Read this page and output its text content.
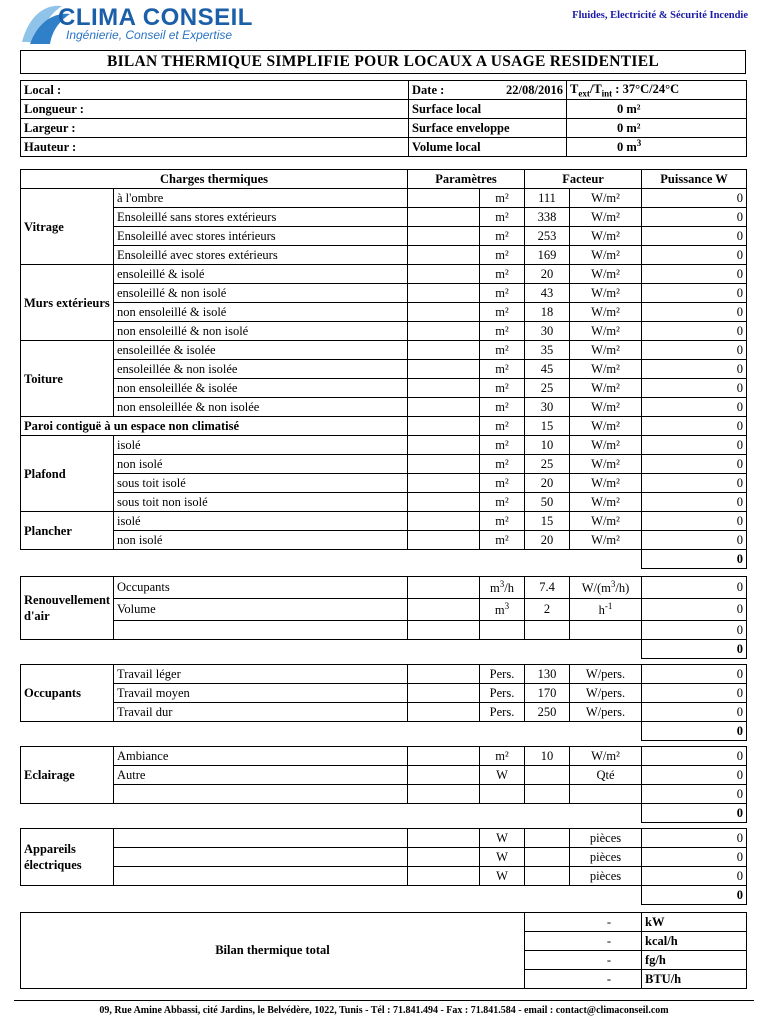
CLIMA CONSEIL
Ingénierie, Conseil et Expertise
Fluides, Electricité & Sécurité Incendie
BILAN THERMIQUE SIMPLIFIE POUR LOCAUX A USAGE RESIDENTIEL
Local :	Date : 22/08/2016	$T_{ext}/T_{int}$ : 37°C/24°C
Longueur :	Surface local	0 m²
Largeur :	Surface enveloppe	0 m²
Hauteur :	Volume local	0 $m^3$
Charges thermiques		Paramètres		Facteur		Puissance W
Vitrage	à l'ombre		m²	111	W/m²	0
	Ensoleillé sans stores extérieurs		m²	338	W/m²	0
	Ensoleillé avec stores intérieurs		m²	253	W/m²	0
	Ensoleillé avec stores extérieurs		m²	169	W/m²	0
Murs extérieurs	ensoleillé & isolé		m²	20	W/m²	0
	ensoleillé & non isolé		m²	43	W/m²	0
	non ensoleillé & isolé		m²	18	W/m²	0
	non ensoleillé & non isolé		m²	30	W/m²	0
Toiture	ensoleillée & isolée		m²	35	W/m²	0
	ensoleillée & non isolée		m²	45	W/m²	0
	non ensoleillée & isolée		m²	25	W/m²	0
	non ensoleillée & non isolée		m²	30	W/m²	0
Paroi contiguë à un espace non climatisé			m²	15	W/m²	0
Plafond	isolé		m²	10	W/m²	0
	non isolé		m²	25	W/m²	0
	sous toit isolé		m²	20	W/m²	0
	sous toit non isolé		m²	50	W/m²	0
Plancher	isolé		m²	15	W/m²	0
	non isolé		m²	20	W/m²	0
						0
Renouvellement d'air	Occupants		$m^3/h$	7.4	$W/(m^3/h)$	0
	Volume		$m^3$	2	$h^{-1}$	0
						0
						0
Occupants	Travail léger		Pers.	130	W/pers.	0
	Travail moyen		Pers.	170	W/pers.	0
	Travail dur		Pers.	250	W/pers.	0
						0
Eclairage	Ambiance		m²	10	W/m²	0
	Autre		W		Qté	0
						0
						0
Appareils électriques			W		pièces	0
			W		pièces	0
			W		pièces	0
						0
Bilan thermique total	-	kW
	-	kcal/h
	-	fg/h
	-	BTU/h
09, Rue Amine Abbassi, cité Jardins, le Belvédère, 1022, Tunis - Tél : 71.841.494 - Fax : 71.841.584 - email : contact@climaconseil.com
